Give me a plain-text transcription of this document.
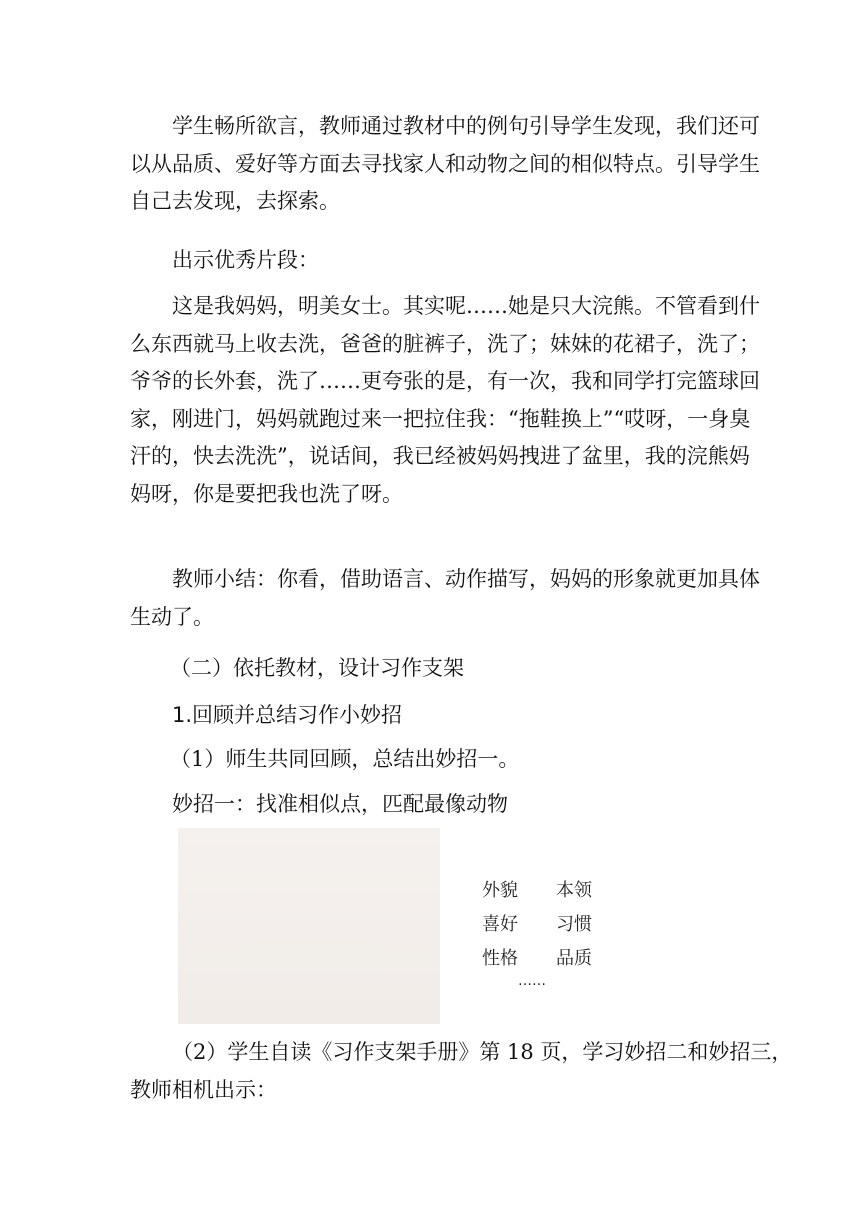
学生畅所欲言，教师通过教材中的例句引导学生发现，我们还可
以从品质、爱好等方面去寻找家人和动物之间的相似特点。引导学生
自己去发现，去探索。

出示优秀片段：

这是我妈妈，明美女士。其实呢……她是只大浣熊。不管看到什
么东西就马上收去洗，爸爸的脏裤子，洗了；妹妹的花裙子，洗了；
爷爷的长外套，洗了……更夸张的是，有一次，我和同学打完篮球回
家，刚进门，妈妈就跑过来一把拉住我：“拖鞋换上”“哎呀，一身臭
汗的，快去洗洗”，说话间，我已经被妈妈拽进了盆里，我的浣熊妈
妈呀，你是要把我也洗了呀。

教师小结：你看，借助语言、动作描写，妈妈的形象就更加具体
生动了。

（二）依托教材，设计习作支架

1.回顾并总结习作小妙招

（1）师生共同回顾，总结出妙招一。

妙招一：找准相似点，匹配最像动物

外貌 本领
喜好 习惯
性格 品质
……

（2）学生自读《习作支架手册》第 18 页，学习妙招二和妙招三，
教师相机出示：
